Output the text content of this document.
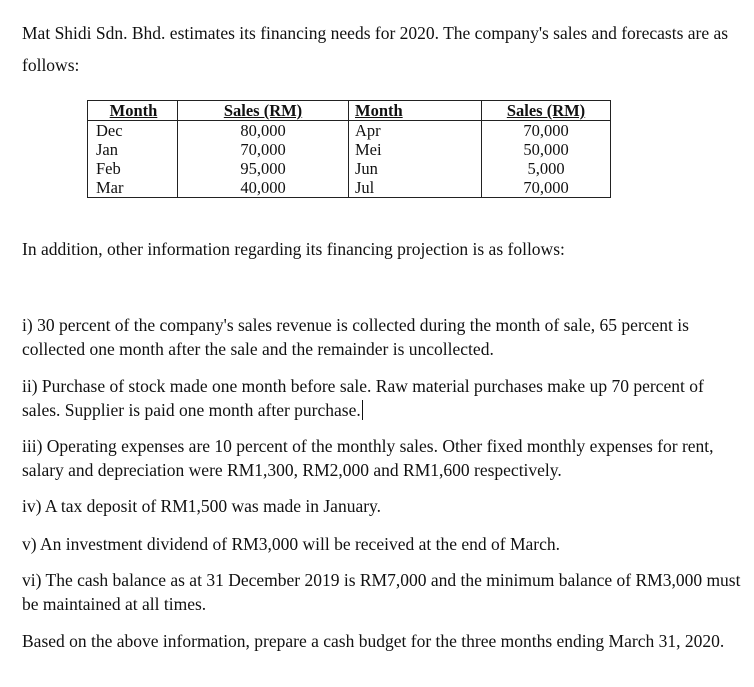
Mat Shidi Sdn. Bhd. estimates its financing needs for 2020. The company's sales and forecasts are as follows:

Month	Sales (RM)	Month	Sales (RM)
Dec	80,000	Apr	70,000
Jan	70,000	Mei	50,000
Feb	95,000	Jun	5,000
Mar	40,000	Jul	70,000

In addition, other information regarding its financing projection is as follows:

i) 30 percent of the company's sales revenue is collected during the month of sale, 65 percent is collected one month after the sale and the remainder is uncollected.

ii) Purchase of stock made one month before sale. Raw material purchases make up 70 percent of sales. Supplier is paid one month after purchase.

iii) Operating expenses are 10 percent of the monthly sales. Other fixed monthly expenses for rent, salary and depreciation were RM1,300, RM2,000 and RM1,600 respectively.

iv) A tax deposit of RM1,500 was made in January.

v) An investment dividend of RM3,000 will be received at the end of March.

vi) The cash balance as at 31 December 2019 is RM7,000 and the minimum balance of RM3,000 must be maintained at all times.

Based on the above information, prepare a cash budget for the three months ending March 31, 2020.
